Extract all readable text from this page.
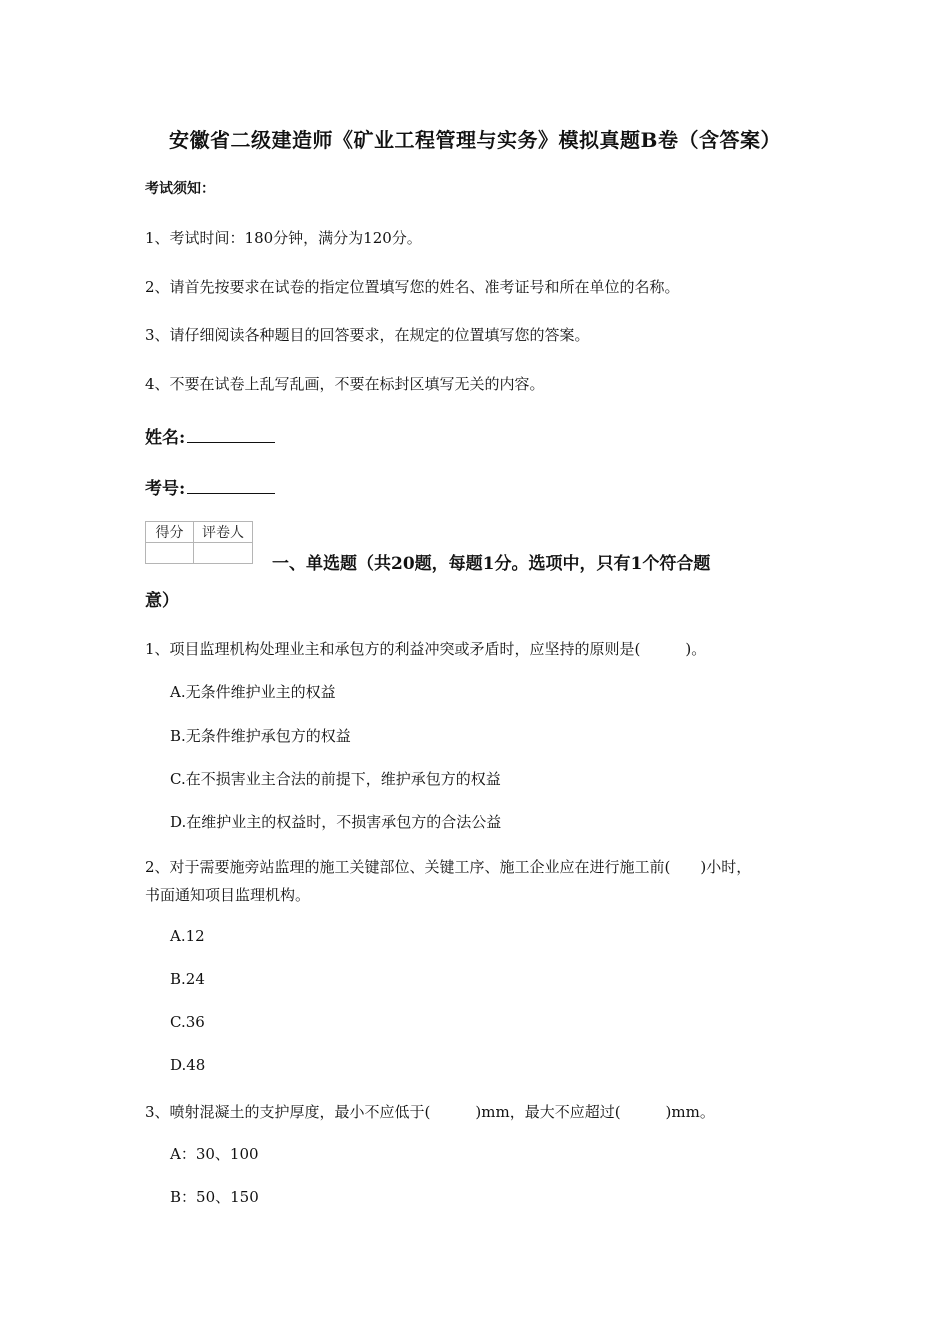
安徽省二级建造师《矿业工程管理与实务》模拟真题B卷（含答案）
考试须知：
1、考试时间：180分钟，满分为120分。
2、请首先按要求在试卷的指定位置填写您的姓名、准考证号和所在单位的名称。
3、请仔细阅读各种题目的回答要求，在规定的位置填写您的答案。
4、不要在试卷上乱写乱画，不要在标封区填写无关的内容。
姓名:
考号:
得分	评卷人

一、单选题（共20题，每题1分。选项中，只有1个符合题
意）
1、项目监理机构处理业主和承包方的利益冲突或矛盾时，应坚持的原则是(　　　)。
A.无条件维护业主的权益
B.无条件维护承包方的权益
C.在不损害业主合法的前提下，维护承包方的权益
D.在维护业主的权益时，不损害承包方的合法公益
2、对于需要施旁站监理的施工关键部位、关键工序、施工企业应在进行施工前(　　)小时，
书面通知项目监理机构。
A.12
B.24
C.36
D.48
3、喷射混凝土的支护厚度，最小不应低于(　　　)mm，最大不应超过(　　　)mm。
A：30、100
B：50、150
